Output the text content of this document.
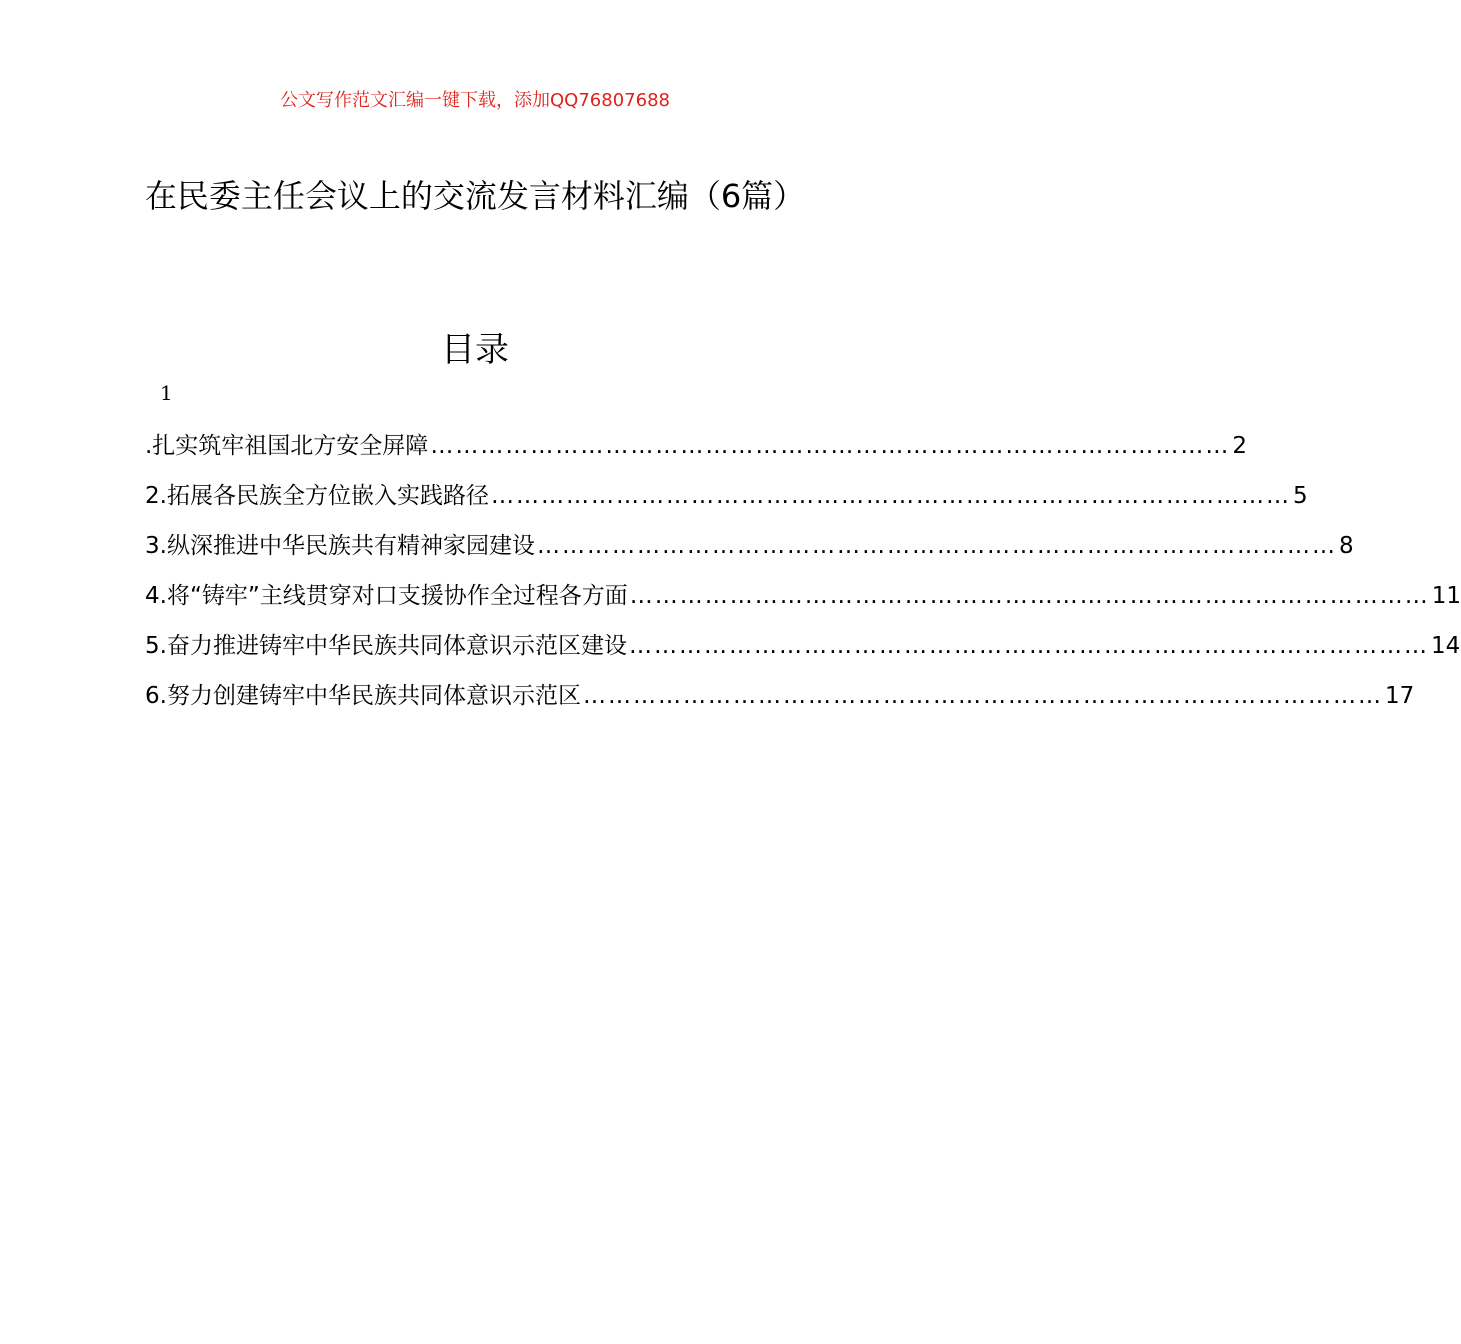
公文写作范文汇编一键下载，添加QQ76807688
在民委主任会议上的交流发言材料汇编（6篇）
目录
1
.扎实筑牢祖国北方安全屏障 …………………………………………………………………………………… 2
2.拓展各民族全方位嵌入实践路径 …………………………………………………………………………………… 5
3.纵深推进中华民族共有精神家园建设 …………………………………………………………………………………… 8
4.将“铸牢”主线贯穿对口支援协作全过程各方面 …………………………………………………………………………………… 11
5.奋力推进铸牢中华民族共同体意识示范区建设 …………………………………………………………………………………… 14
6.努力创建铸牢中华民族共同体意识示范区 …………………………………………………………………………………… 17
